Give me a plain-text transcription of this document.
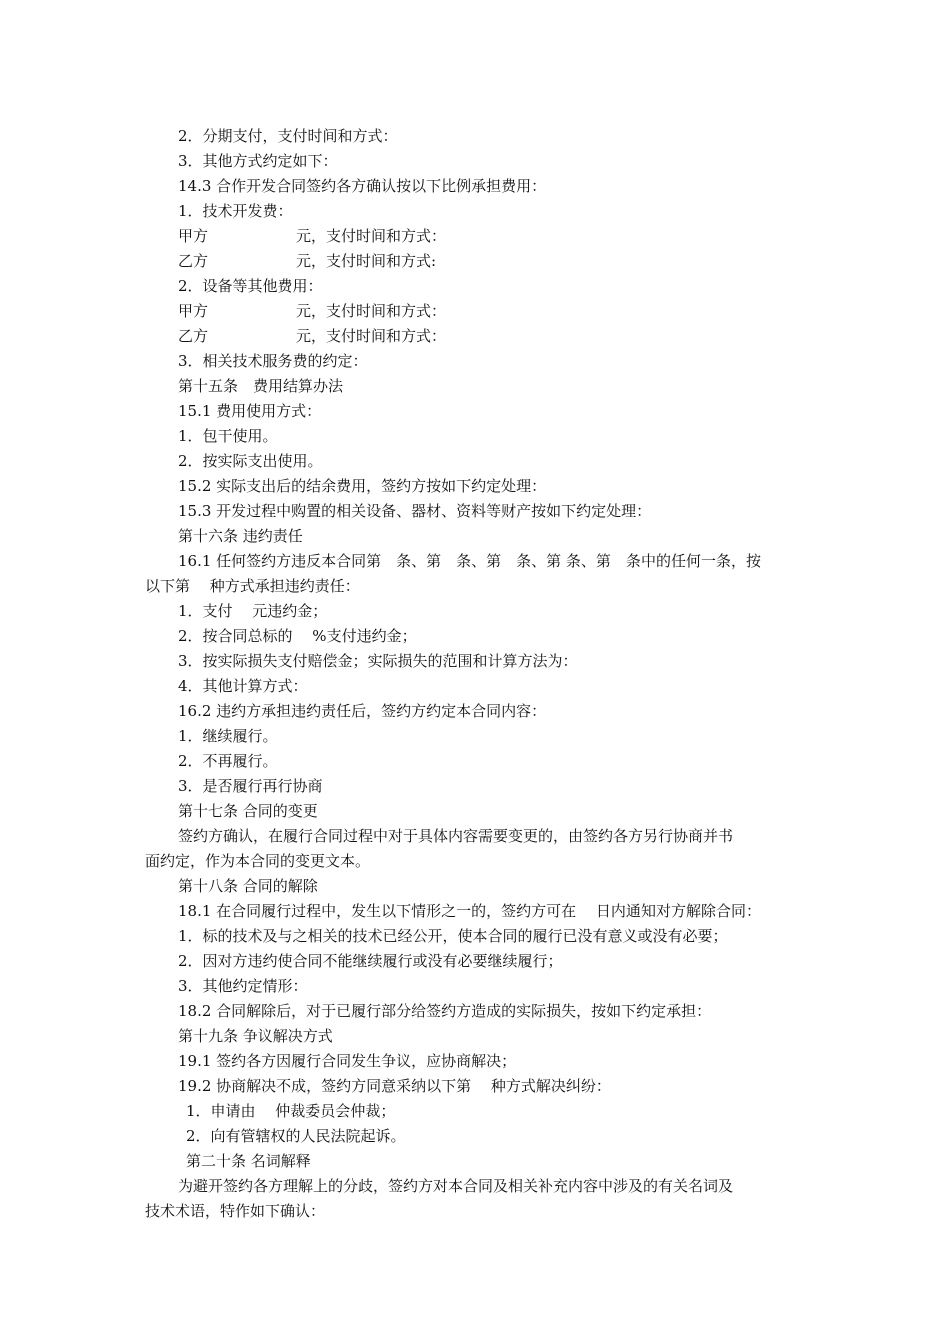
2．分期支付，支付时间和方式：
3．其他方式约定如下：
14.3 合作开发合同签约各方确认按以下比例承担费用：
1．技术开发费：
甲方	元，支付时间和方式：
乙方	元，支付时间和方式:
2．设备等其他费用：
甲方	元，支付时间和方式：
乙方	元，支付时间和方式：
3．相关技术服务费的约定：
第十五条　费用结算办法
15.1 费用使用方式：
1．包干使用。
2．按实际支出使用。
15.2 实际支出后的结余费用，签约方按如下约定处理：
15.3 开发过程中购置的相关设备、器材、资料等财产按如下约定处理：
第十六条 违约责任
16.1 任何签约方违反本合同第　条、第　条、第　条、第 条、第　条中的任何一条，按
以下第　 种方式承担违约责任：
1．支付　 元违约金；
2．按合同总标的　 %支付违约金；
3．按实际损失支付赔偿金；实际损失的范围和计算方法为：
4．其他计算方式：
16.2 违约方承担违约责任后，签约方约定本合同内容：
1．继续履行。
2．不再履行。
3．是否履行再行协商
第十七条 合同的变更
签约方确认，在履行合同过程中对于具体内容需要变更的，由签约各方另行协商并书
面约定，作为本合同的变更文本。
第十八条 合同的解除
18.1 在合同履行过程中，发生以下情形之一的，签约方可在　 日内通知对方解除合同：
1．标的技术及与之相关的技术已经公开，使本合同的履行已没有意义或没有必要；
2．因对方违约使合同不能继续履行或没有必要继续履行；
3．其他约定情形：
18.2 合同解除后，对于已履行部分给签约方造成的实际损失，按如下约定承担：
第十九条 争议解决方式
19.1 签约各方因履行合同发生争议，应协商解决；
19.2 协商解决不成，签约方同意采纳以下第　 种方式解决纠纷：
1．申请由　 仲裁委员会仲裁；
2．向有管辖权的人民法院起诉。
第二十条 名词解释
为避开签约各方理解上的分歧，签约方对本合同及相关补充内容中涉及的有关名词及
技术术语，特作如下确认：
